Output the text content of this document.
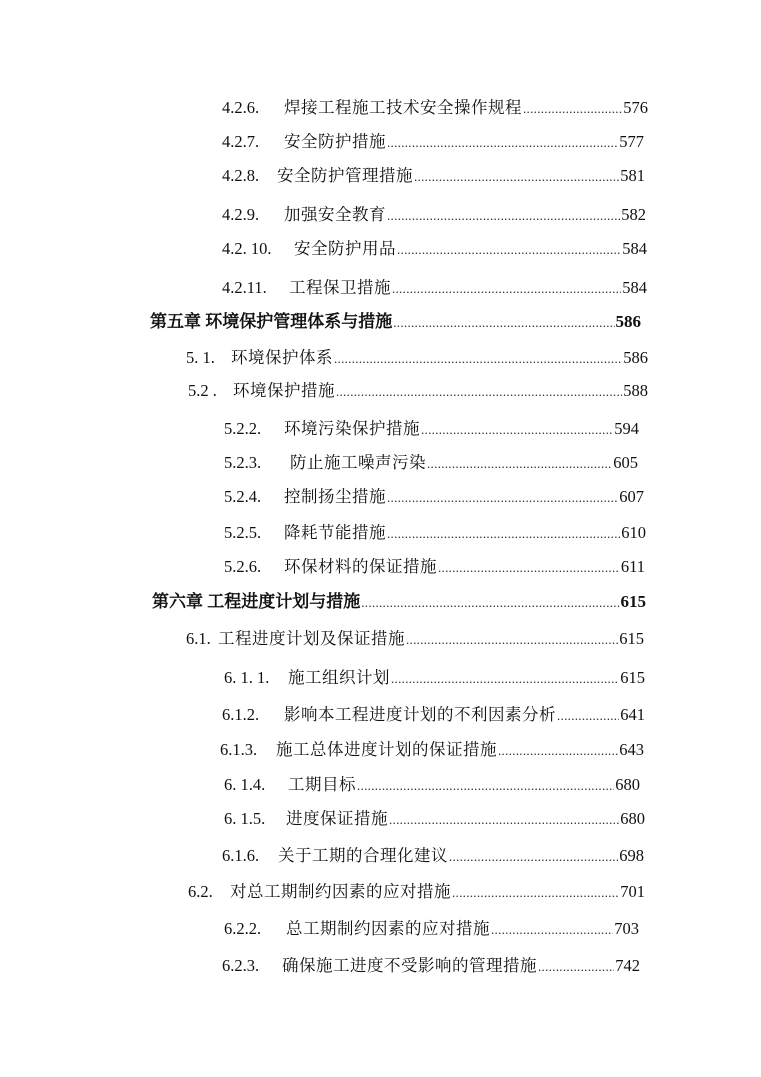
4.2.6.	焊接工程施工技术安全操作规程 .....	576
4.2.7.	安全防护措施 .....	577
4.2.8.	安全防护管理措施 .....	581
4.2.9.	加强安全教育 .....	582
4.2. 10.	安全防护用品 .....	584
4.2.11.	工程保卫措施 .....	584
第五章 环境保护管理体系与措施 .....	586
5. 1. 环境保护体系 .....	586
5.2 . 环境保护措施 .....	588
5.2.2.	环境污染保护措施 .....	594
5.2.3.	防止施工噪声污染 .....	605
5.2.4.	控制扬尘措施 .....	607
5.2.5.	降耗节能措施 .....	610
5.2.6.	环保材料的保证措施 .....	611
第六章 工程进度计划与措施 .....	615
6.1. 工程进度计划及保证措施 .....	615
6. 1. 1.	施工组织计划 .....	615
6.1.2.	影响本工程进度计划的不利因素分析 .....	641
6.1.3.	施工总体进度计划的保证措施 .....	643
6. 1.4.	工期目标 .....	680
6. 1.5.	进度保证措施 .....	680
6.1.6.	关于工期的合理化建议 .....	698
6.2.	对总工期制约因素的应对措施 .....	701
6.2.2.	总工期制约因素的应对措施 .....	703
6.2.3.	确保施工进度不受影响的管理措施 .....	742
